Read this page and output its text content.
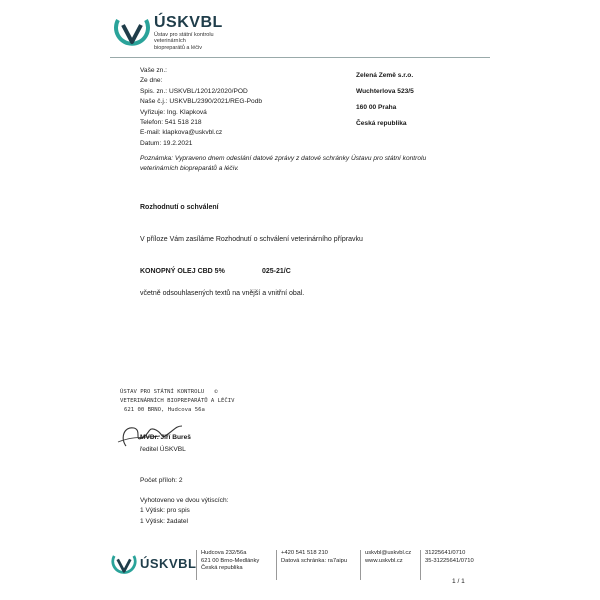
ÚSKVBL
Ústav pro státní kontrolu
veterinárních
biopreparátů a léčiv
Vaše zn.:
Ze dne:
Spis. zn.: USKVBL/12012/2020/POD
Naše č.j.: USKVBL/2390/2021/REG-Podb
Vyřizuje: Ing. Klapková
Telefon: 541 518 218
E-mail: klapkova@uskvbl.cz
Datum: 19.2.2021
Zelená Země s.r.o.
Wuchterlova 523/5
160 00 Praha
Česká republika
Poznámka: Vypraveno dnem odeslání datové zprávy z datové schránky Ústavu pro státní kontrolu
veterinárních biopreparátů a léčiv.
Rozhodnutí o schválení
V příloze Vám zasíláme Rozhodnutí o schválení veterinárního přípravku
KONOPNÝ OLEJ CBD 5%	025-21/C
včetně odsouhlasených textů na vnější a vnitřní obal.
ÚSTAV PRO STÁTNÍ KONTROLU ©
VETERINÁRNÍCH BIOPREPARÁTŮ A LÉČIV
621 00 BRNO, Hudcova 56a
MVDr. Jiří Bureš
ředitel ÚSKVBL
Počet příloh: 2
Vyhotoveno ve dvou výtiscích:
1 Výtisk: pro spis
1 Výtisk: žadatel
ÚSKVBL
Hudcova 232/56a
621 00 Brno-Medlánky
Česká republika
+420 541 518 210
Datová schránka: ra7aipu
uskvbl@uskvbl.cz
www.uskvbl.cz
31225641/0710
35-31225641/0710
1 / 1
